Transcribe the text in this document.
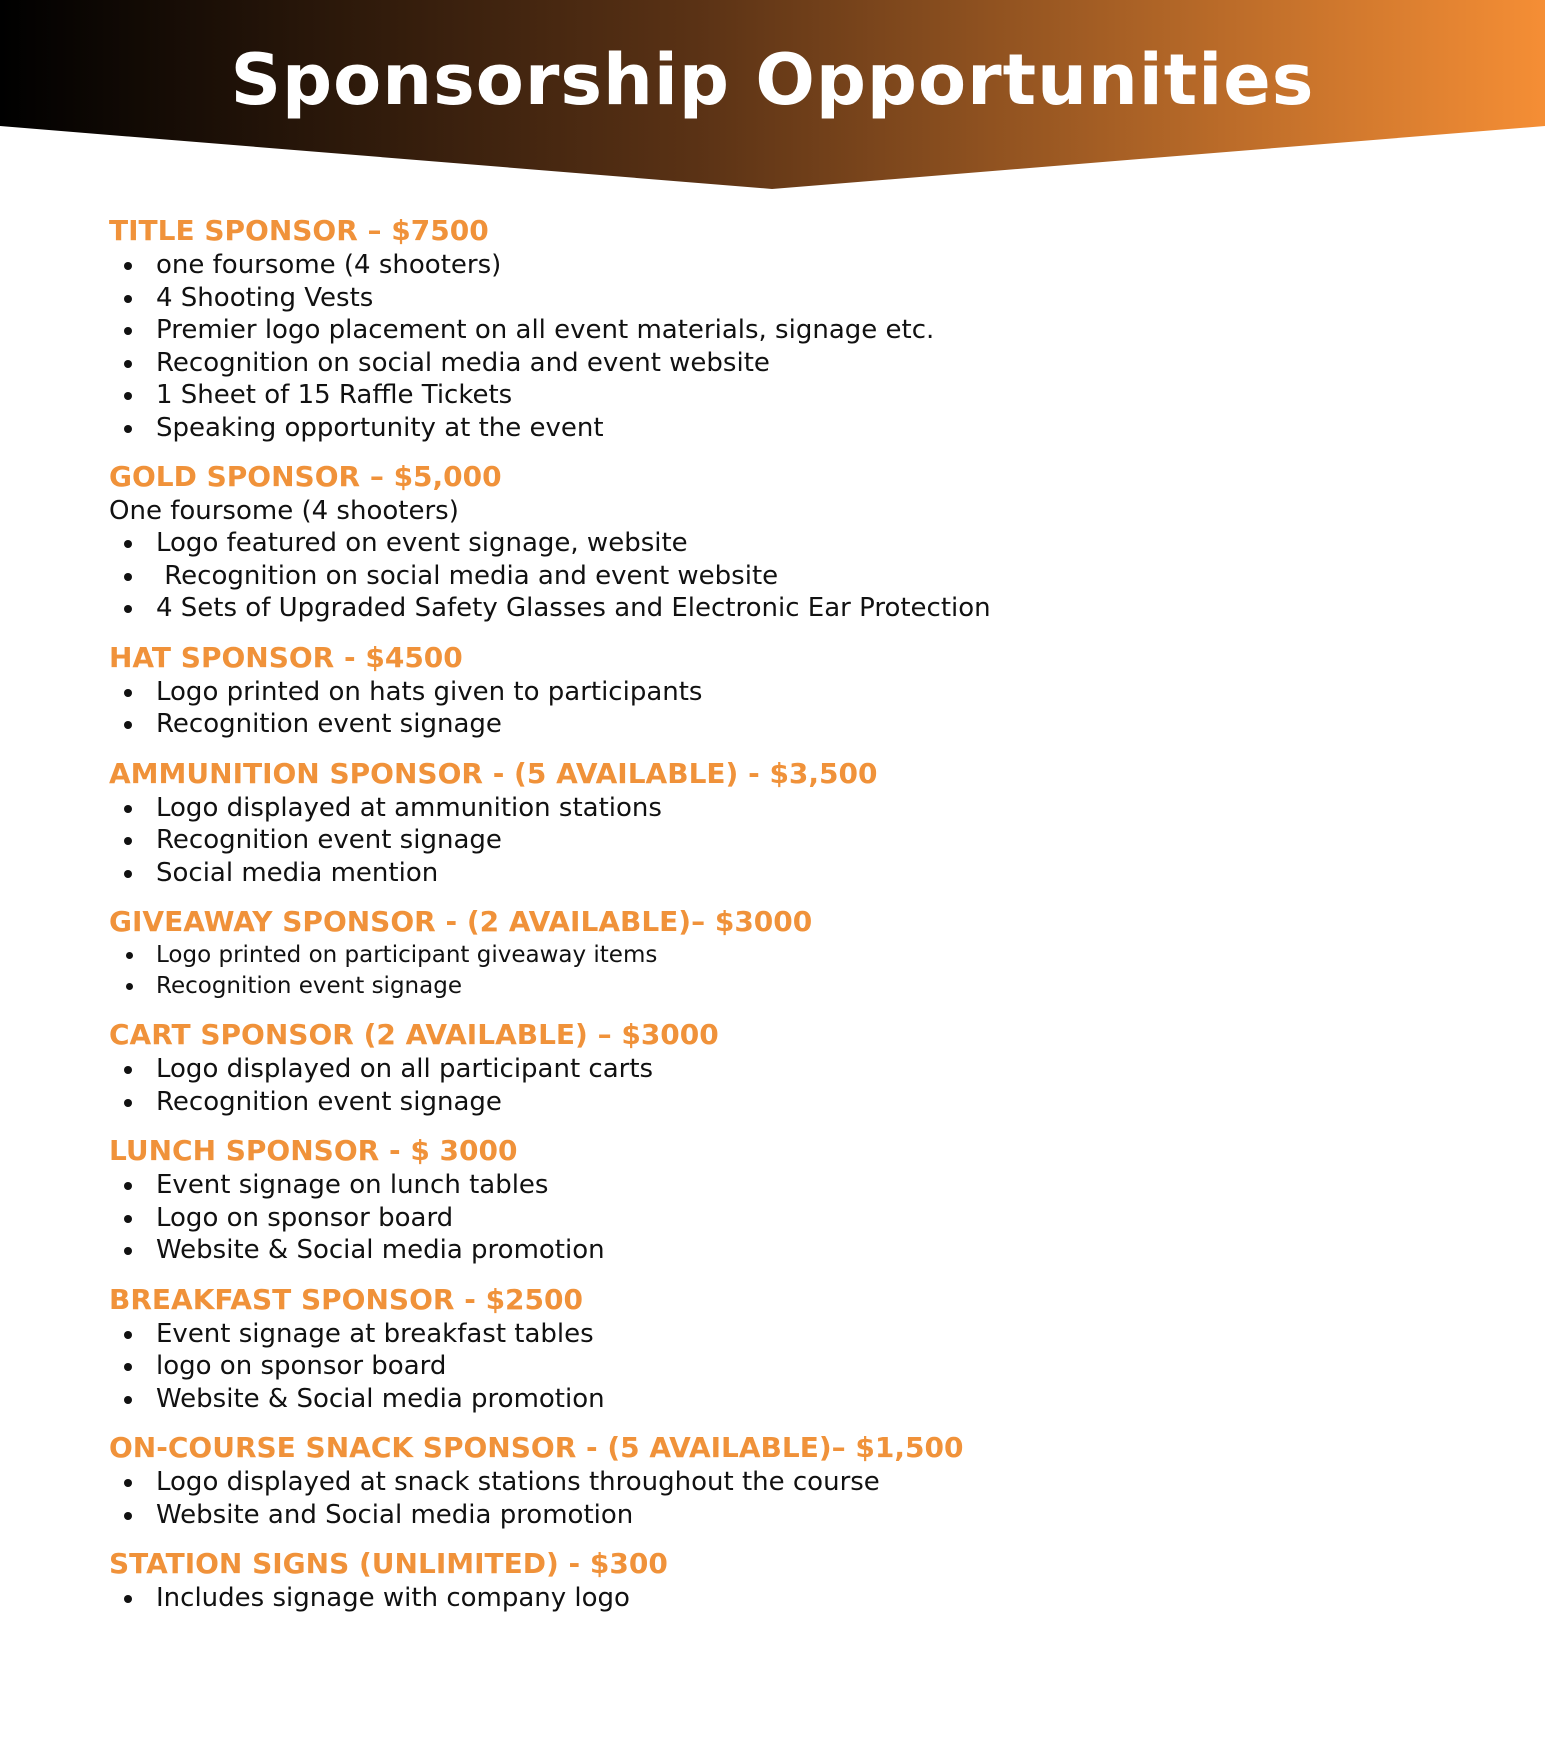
Sponsorship Opportunities

TITLE SPONSOR – $7500

one foursome (4 shooters)
4 Shooting Vests
Premier logo placement on all event materials, signage etc.
Recognition on social media and event website
1 Sheet of 15 Raffle Tickets
Speaking opportunity at the event

GOLD SPONSOR – $5,000

One foursome (4 shooters)

Logo featured on event signage, website
Recognition on social media and event website
4 Sets of Upgraded Safety Glasses and Electronic Ear Protection

HAT SPONSOR - $4500

Logo printed on hats given to participants
Recognition event signage

AMMUNITION SPONSOR - (5 AVAILABLE) - $3,500

Logo displayed at ammunition stations
Recognition event signage
Social media mention

GIVEAWAY SPONSOR - (2 AVAILABLE)– $3000

Logo printed on participant giveaway items
Recognition event signage

CART SPONSOR (2 AVAILABLE) – $3000

Logo displayed on all participant carts
Recognition event signage

LUNCH SPONSOR - $ 3000

Event signage on lunch tables
Logo on sponsor board
Website & Social media promotion

BREAKFAST SPONSOR - $2500

Event signage at breakfast tables
logo on sponsor board
Website & Social media promotion

ON-COURSE SNACK SPONSOR - (5 AVAILABLE)– $1,500

Logo displayed at snack stations throughout the course
Website and Social media promotion

STATION SIGNS (UNLIMITED) - $300

Includes signage with company logo
